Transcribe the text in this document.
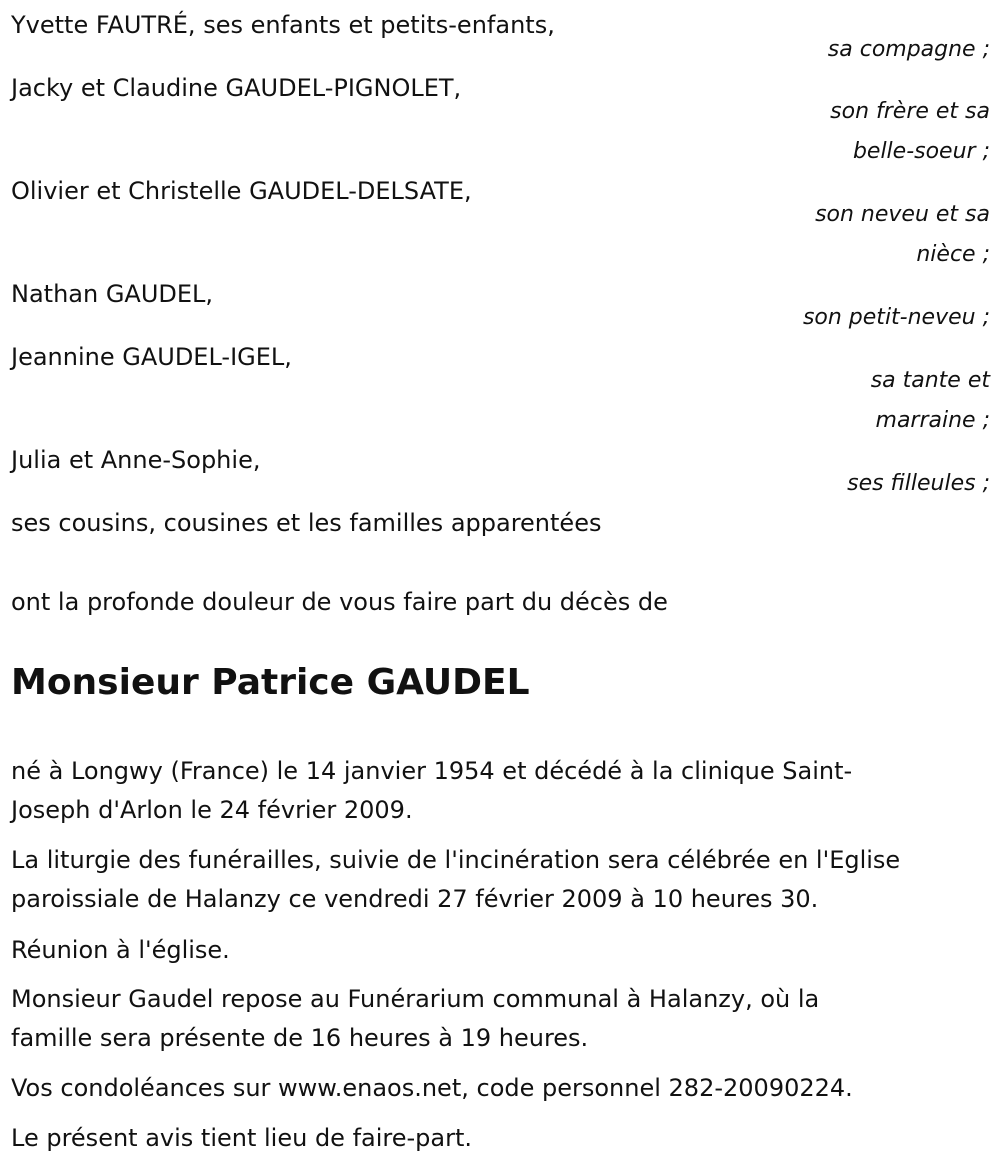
Yvette FAUTRÉ, ses enfants et petits-enfants,
sa compagne ;
Jacky et Claudine GAUDEL-PIGNOLET,
son frère et sa
belle-soeur ;
Olivier et Christelle GAUDEL-DELSATE,
son neveu et sa
nièce ;
Nathan GAUDEL,
son petit-neveu ;
Jeannine GAUDEL-IGEL,
sa tante et
marraine ;
Julia et Anne-Sophie,
ses filleules ;
ses cousins, cousines et les familles apparentées
ont la profonde douleur de vous faire part du décès de
Monsieur Patrice GAUDEL
né à Longwy (France) le 14 janvier 1954 et décédé à la clinique Saint-
Joseph d'Arlon le 24 février 2009.
La liturgie des funérailles, suivie de l'incinération sera célébrée en l'Eglise
paroissiale de Halanzy ce vendredi 27 février 2009 à 10 heures 30.
Réunion à l'église.
Monsieur Gaudel repose au Funérarium communal à Halanzy, où la
famille sera présente de 16 heures à 19 heures.
Vos condoléances sur www.enaos.net, code personnel 282-20090224.
Le présent avis tient lieu de faire-part.
